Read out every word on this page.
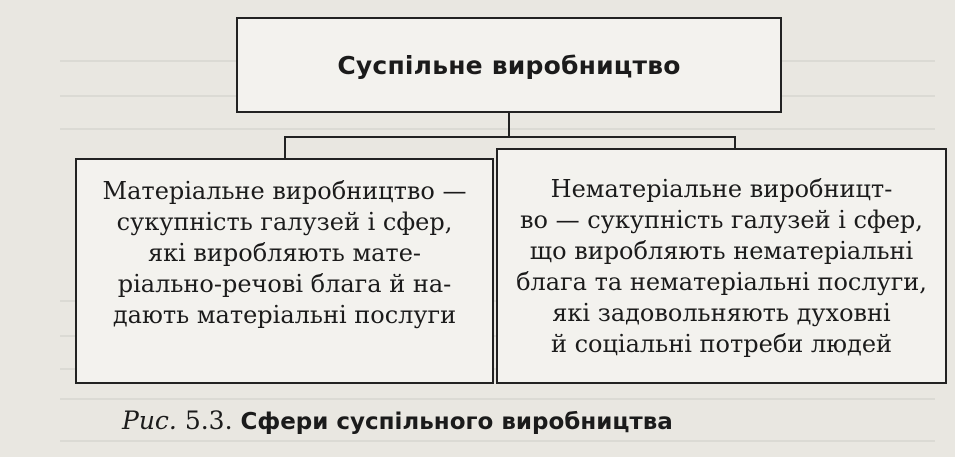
Суспільне виробництво

Матеріальне виробництво —
сукупність галузей і сфер,
які виробляють мате-
ріально-речові блага й на-
дають матеріальні послуги

Нематеріальне виробницт-
во — сукупність галузей і сфер,
що виробляють нематеріальні
блага та нематеріальні послуги,
які задовольняють духовні
й соціальні потреби людей

Рис. 5.3. Сфери суспільного виробництва
